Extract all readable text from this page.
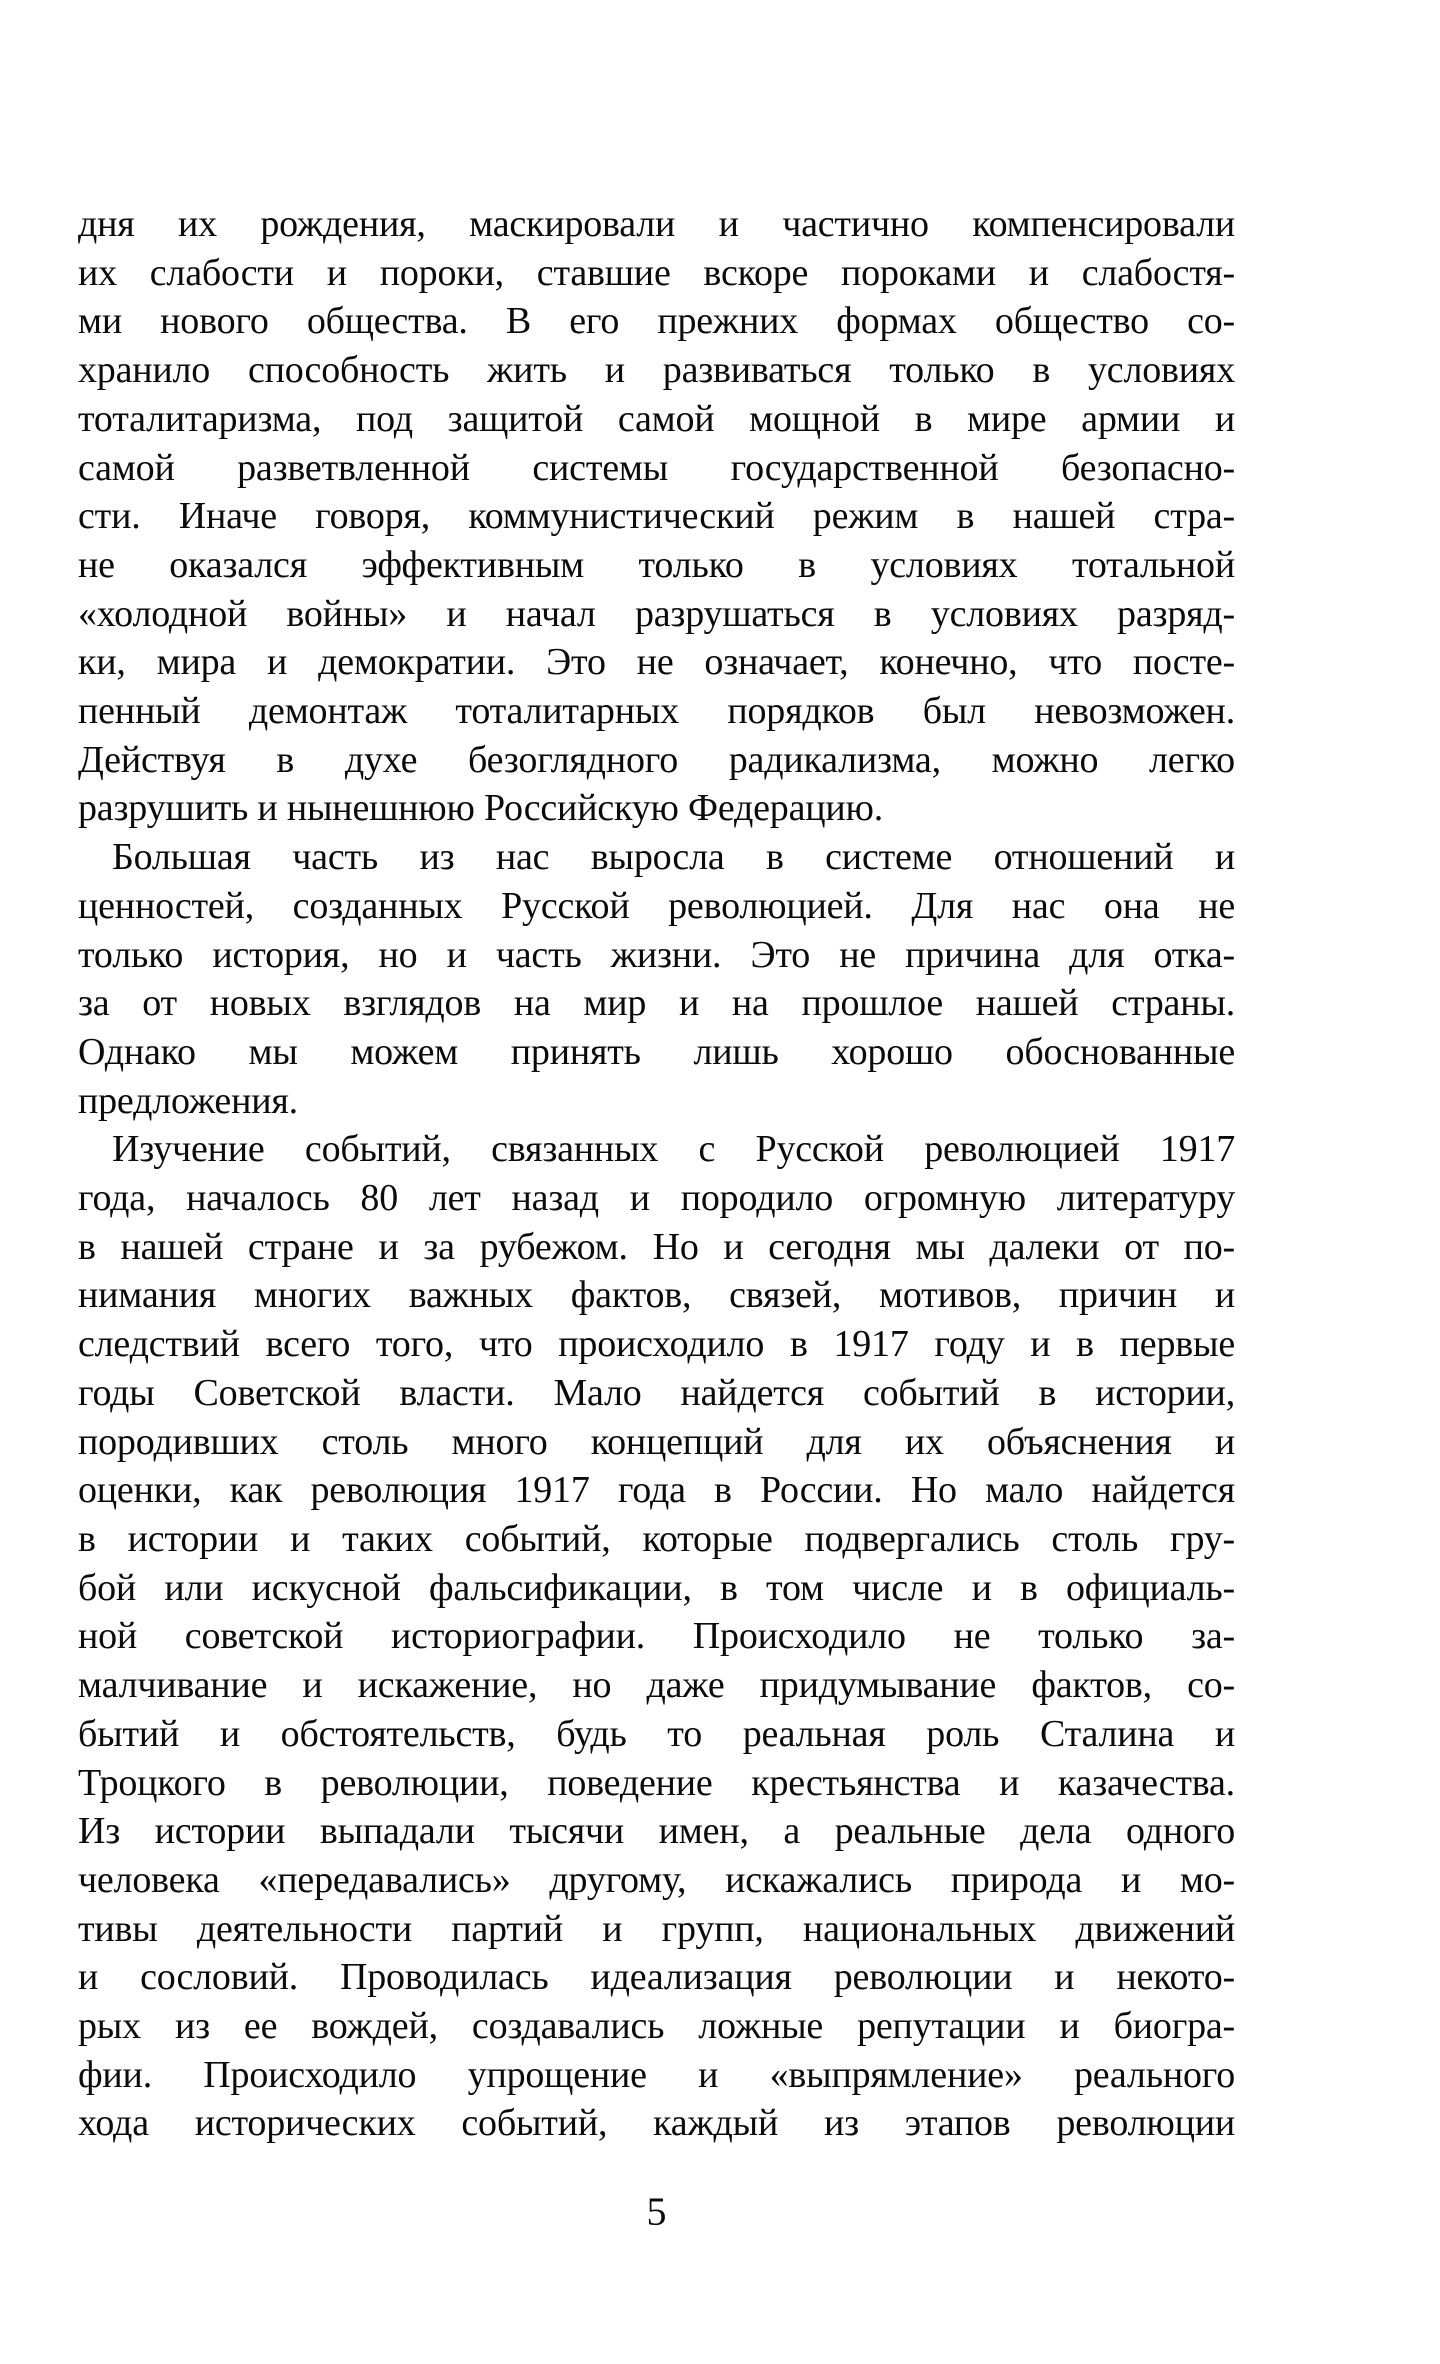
дня их рождения, маскировали и частично компенсировали
их слабости и пороки, ставшие вскоре пороками и слабостя-
ми нового общества. В его прежних формах общество со-
хранило способность жить и развиваться только в условиях
тоталитаризма, под защитой самой мощной в мире армии и
самой разветвленной системы государственной безопасно-
сти. Иначе говоря, коммунистический режим в нашей стра-
не оказался эффективным только в условиях тотальной
«холодной войны» и начал разрушаться в условиях разряд-
ки, мира и демократии. Это не означает, конечно, что посте-
пенный демонтаж тоталитарных порядков был невозможен.
Действуя в духе безоглядного радикализма, можно легко
разрушить и нынешнюю Российскую Федерацию.
Большая часть из нас выросла в системе отношений и
ценностей, созданных Русской революцией. Для нас она не
только история, но и часть жизни. Это не причина для отка-
за от новых взглядов на мир и на прошлое нашей страны.
Однако мы можем принять лишь хорошо обоснованные
предложения.
Изучение событий, связанных с Русской революцией 1917
года, началось 80 лет назад и породило огромную литературу
в нашей стране и за рубежом. Но и сегодня мы далеки от по-
нимания многих важных фактов, связей, мотивов, причин и
следствий всего того, что происходило в 1917 году и в первые
годы Советской власти. Мало найдется событий в истории,
породивших столь много концепций для их объяснения и
оценки, как революция 1917 года в России. Но мало найдется
в истории и таких событий, которые подвергались столь гру-
бой или искусной фальсификации, в том числе и в официаль-
ной советской историографии. Происходило не только за-
малчивание и искажение, но даже придумывание фактов, со-
бытий и обстоятельств, будь то реальная роль Сталина и
Троцкого в революции, поведение крестьянства и казачества.
Из истории выпадали тысячи имен, а реальные дела одного
человека «передавались» другому, искажались природа и мо-
тивы деятельности партий и групп, национальных движений
и сословий. Проводилась идеализация революции и некото-
рых из ее вождей, создавались ложные репутации и биогра-
фии. Происходило упрощение и «выпрямление» реального
хода исторических событий, каждый из этапов революции
5
